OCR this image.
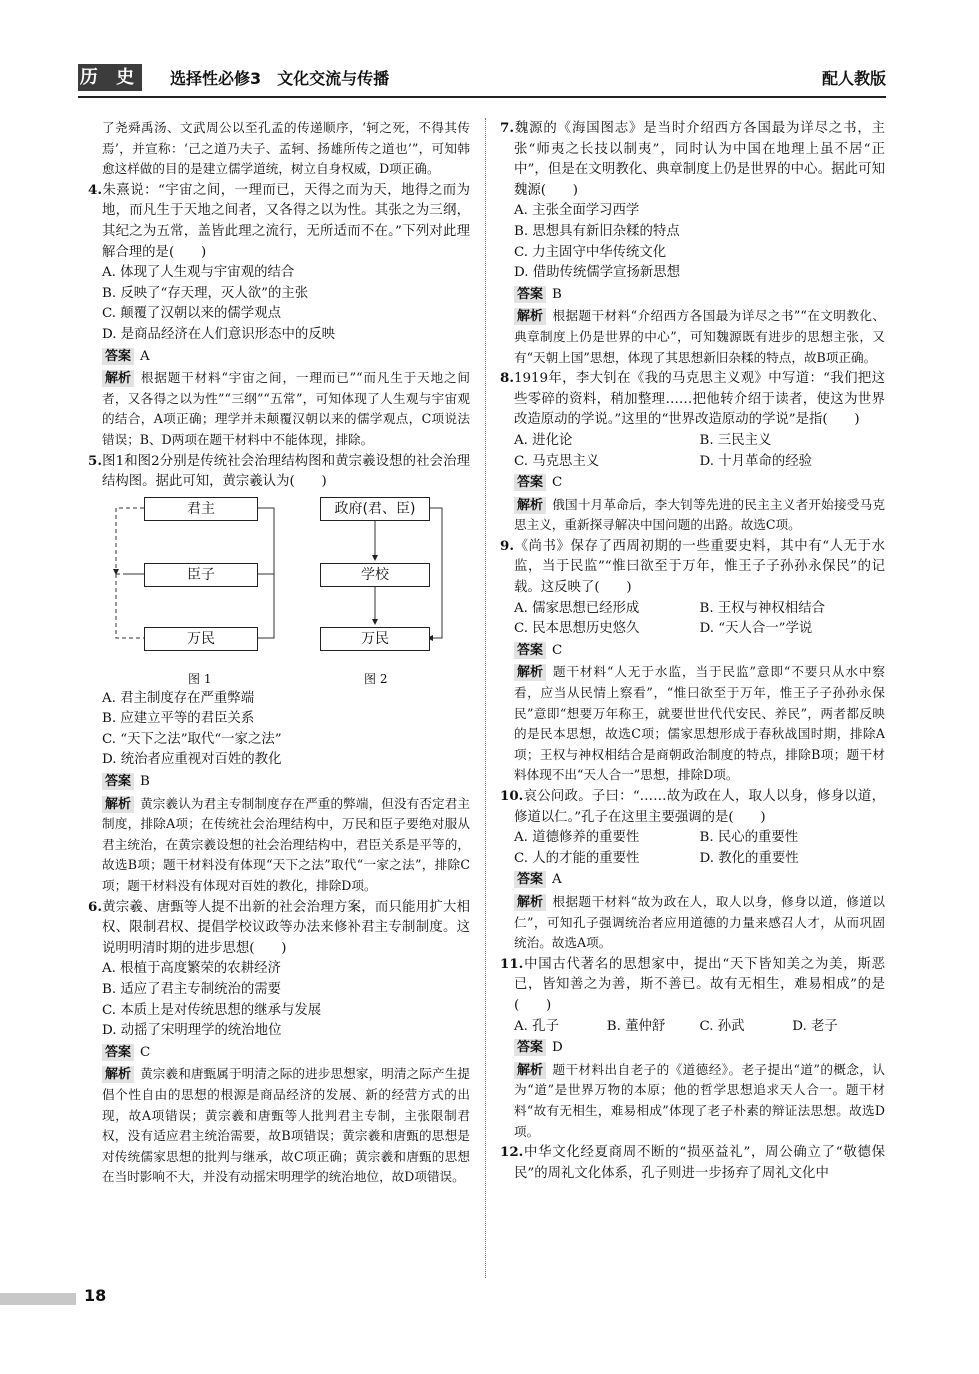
历 史 选择性必修3　文化交流与传播	配人教版

了尧舜禹汤、文武周公以至孔孟的传递顺序，‘轲之死，不得其传焉’，并宣称：‘己之道乃夫子、孟轲、扬雄所传之道也’”，可知韩愈这样做的目的是建立儒学道统，树立自身权威，D项正确。

4.朱熹说：“宇宙之间，一理而已，天得之而为天，地得之而为地，而凡生于天地之间者，又各得之以为性。其张之为三纲，其纪之为五常，盖皆此理之流行，无所适而不在。”下列对此理解合理的是(　　)

A. 体现了人生观与宇宙观的结合

B. 反映了“存天理，灭人欲”的主张

C. 颠覆了汉朝以来的儒学观点

D. 是商品经济在人们意识形态中的反映

答案 A

解析 根据题干材料“宇宙之间，一理而已”“而凡生于天地之间者，又各得之以为性”“三纲”“五常”，可知体现了人生观与宇宙观的结合，A项正确；理学并未颠覆汉朝以来的儒学观点，C项说法错误；B、D两项在题干材料中不能体现，排除。

5.图1和图2分别是传统社会治理结构图和黄宗羲设想的社会治理结构图。据此可知，黄宗羲认为(　　)

君主
臣子
万民
图 1
政府(君、臣)
学校
万民
图 2

A. 君主制度存在严重弊端

B. 应建立平等的君臣关系

C. “天下之法”取代“一家之法”

D. 统治者应重视对百姓的教化

答案 B

解析 黄宗羲认为君主专制制度存在严重的弊端，但没有否定君主制度，排除A项；在传统社会治理结构中，万民和臣子要绝对服从君主统治，在黄宗羲设想的社会治理结构中，君臣关系是平等的，故选B项；题干材料没有体现“天下之法”取代“一家之法”，排除C项；题干材料没有体现对百姓的教化，排除D项。

6.黄宗羲、唐甄等人提不出新的社会治理方案，而只能用扩大相权、限制君权、提倡学校议政等办法来修补君主专制制度。这说明明清时期的进步思想(　　)

A. 根植于高度繁荣的农耕经济

B. 适应了君主专制统治的需要

C. 本质上是对传统思想的继承与发展

D. 动摇了宋明理学的统治地位

答案 C

解析 黄宗羲和唐甄属于明清之际的进步思想家，明清之际产生提倡个性自由的思想的根源是商品经济的发展、新的经营方式的出现，故A项错误；黄宗羲和唐甄等人批判君主专制，主张限制君权，没有适应君主统治需要，故B项错误；黄宗羲和唐甄的思想是对传统儒家思想的批判与继承，故C项正确；黄宗羲和唐甄的思想在当时影响不大，并没有动摇宋明理学的统治地位，故D项错误。

7.魏源的《海国图志》是当时介绍西方各国最为详尽之书，主张“师夷之长技以制夷”，同时认为中国在地理上虽不居“正中”，但是在文明教化、典章制度上仍是世界的中心。据此可知魏源(　　)

A. 主张全面学习西学

B. 思想具有新旧杂糅的特点

C. 力主固守中华传统文化

D. 借助传统儒学宣扬新思想

答案 B

解析 根据题干材料“介绍西方各国最为详尽之书”“在文明教化、典章制度上仍是世界的中心”，可知魏源既有进步的思想主张，又有“天朝上国”思想，体现了其思想新旧杂糅的特点，故B项正确。

8.1919年，李大钊在《我的马克思主义观》中写道：“我们把这些零碎的资料，稍加整理……把他转介绍于读者，使这为世界改造原动的学说。”这里的“世界改造原动的学说”是指(　　)

A. 进化论	B. 三民主义

C. 马克思主义	D. 十月革命的经验

答案 C

解析 俄国十月革命后，李大钊等先进的民主主义者开始接受马克思主义，重新探寻解决中国问题的出路。故选C项。

9.《尚书》保存了西周初期的一些重要史料，其中有“人无于水监，当于民监”“惟曰欲至于万年，惟王子子孙孙永保民”的记载。这反映了(　　)

A. 儒家思想已经形成	B. 王权与神权相结合

C. 民本思想历史悠久	D. “天人合一”学说

答案 C

解析 题干材料“人无于水监，当于民监”意即“不要只从水中察看，应当从民情上察看”，“惟曰欲至于万年，惟王子子孙孙永保民”意即“想要万年称王，就要世世代代安民、养民”，两者都反映的是民本思想，故选C项；儒家思想形成于春秋战国时期，排除A项；王权与神权相结合是商朝政治制度的特点，排除B项；题干材料体现不出“天人合一”思想，排除D项。

10.哀公问政。子曰：“……故为政在人，取人以身，修身以道，修道以仁。”孔子在这里主要强调的是(　　)

A. 道德修养的重要性	B. 民心的重要性

C. 人的才能的重要性	D. 教化的重要性

答案 A

解析 根据题干材料“故为政在人，取人以身，修身以道，修道以仁”，可知孔子强调统治者应用道德的力量来感召人才，从而巩固统治。故选A项。

11.中国古代著名的思想家中，提出“天下皆知美之为美，斯恶已，皆知善之为善，斯不善已。故有无相生，难易相成”的是(　　)

A. 孔子	B. 董仲舒	C. 孙武	D. 老子

答案 D

解析 题干材料出自老子的《道德经》。老子提出“道”的概念，认为“道”是世界万物的本原；他的哲学思想追求天人合一。题干材料“故有无相生，难易相成”体现了老子朴素的辩证法思想。故选D项。

12.中华文化经夏商周不断的“损巫益礼”，周公确立了“敬德保民”的周礼文化体系，孔子则进一步扬弃了周礼文化中

18
